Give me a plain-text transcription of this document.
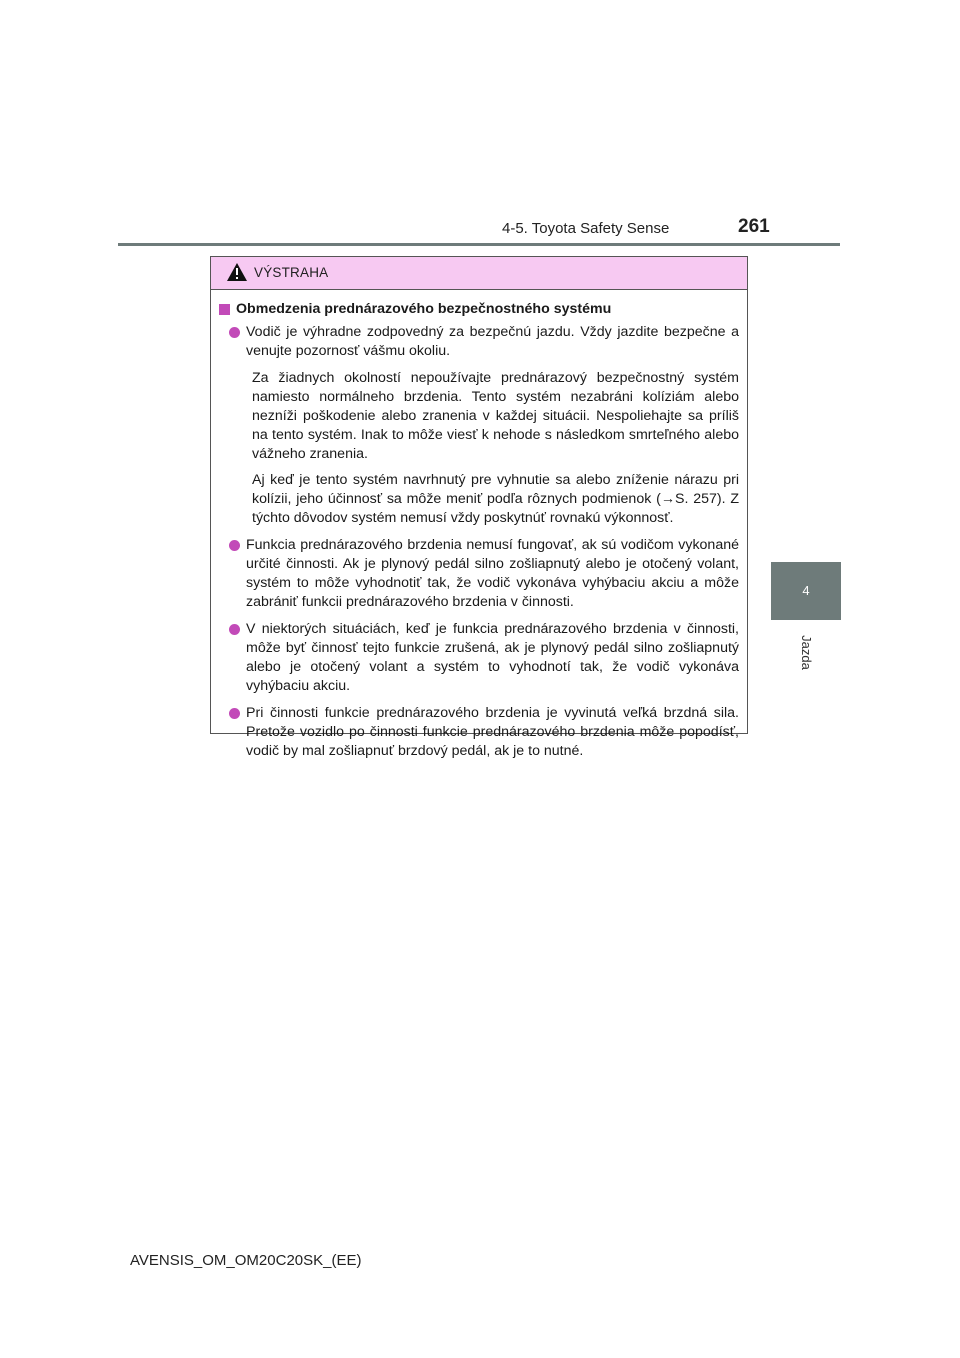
4-5. Toyota Safety Sense	261
4
Jazda
VÝSTRAHA
Obmedzenia prednárazového bezpečnostného systému
Vodič je výhradne zodpovedný za bezpečnú jazdu. Vždy jazdite bezpečne a venujte pozornosť vášmu okoliu.

Za žiadnych okolností nepoužívajte prednárazový bezpečnostný systém namiesto normálneho brzdenia. Tento systém nezabráni kolíziám alebo nezníži poškodenie alebo zranenia v každej situácii. Nespoliehajte sa príliš na tento systém. Inak to môže viesť k nehode s následkom smrteľného alebo vážneho zranenia.

Aj keď je tento systém navrhnutý pre vyhnutie sa alebo zníženie nárazu pri kolízii, jeho účinnosť sa môže meniť podľa rôznych podmienok (→S. 257). Z týchto dôvodov systém nemusí vždy poskytnúť rovnakú výkonnosť.

Funkcia prednárazového brzdenia nemusí fungovať, ak sú vodičom vykonané určité činnosti. Ak je plynový pedál silno zošliapnutý alebo je otočený volant, systém to môže vyhodnotiť tak, že vodič vykonáva vyhýbaciu akciu a môže zabrániť funkcii prednárazového brzdenia v činnosti.
V niektorých situáciách, keď je funkcia prednárazového brzdenia v činnosti, môže byť činnosť tejto funkcie zrušená, ak je plynový pedál silno zošliapnutý alebo je otočený volant a systém to vyhodnotí tak, že vodič vykonáva vyhýbaciu akciu.
Pri činnosti funkcie prednárazového brzdenia je vyvinutá veľká brzdná sila. Pretože vozidlo po činnosti funkcie prednárazového brzdenia môže popodísť, vodič by mal zošliapnuť brzdový pedál, ak je to nutné.
AVENSIS_OM_OM20C20SK_(EE)
